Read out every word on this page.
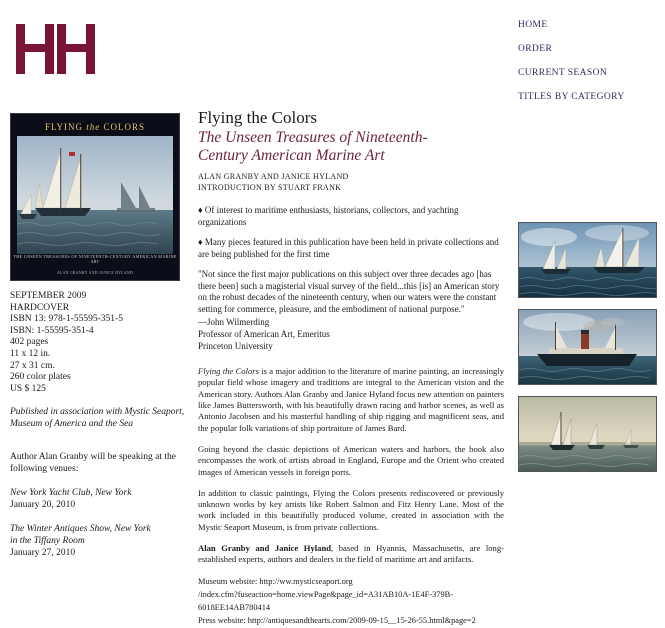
HOME
ORDER
CURRENT SEASON
TITLES BY CATEGORY
FLYING the COLORS
THE UNSEEN TREASURES OF NINETEENTH-CENTURY AMERICAN MARINE ART
ALAN GRANBY AND JANICE HYLAND
SEPTEMBER 2009
HARDCOVER
ISBN 13: 978-1-55595-351-5
ISBN: 1-55595-351-4
402 pages
11 x 12 in.
27 x 31 cm.
260 color plates
US $ 125
Published in association with Mystic Seaport,
Museum of America and the Sea
Author Alan Granby will be speaking at the
following venues:
New York Yacht Club, New York
January 20, 2010
The Winter Antiques Show, New York
in the Tiffany Room
January 27, 2010
Flying the Colors
The Unseen Treasures of Nineteenth-
Century American Marine Art
ALAN GRANBY AND JANICE HYLAND
INTRODUCTION BY STUART FRANK

♦ Of interest to maritime enthusiasts, historians, collectors, and yachting organizations

♦ Many pieces featured in this publication have been held in private collections and are being published for the first time

"Not since the first major publications on this subject over three decades ago [has there been] such a magisterial visual survey of the field...this [is] an American story on the robust decades of the nineteenth century, when our waters were the constant setting for commerce, pleasure, and the embodiment of national purpose."

—John Wilmerding
Professor of American Art, Emeritus
Princeton University

Flying the Colors is a major addition to the literature of marine painting, an increasingly popular field whose imagery and traditions are integral to the American vision and the American story. Authors Alan Granby and Janice Hyland focus new attention on painters like James Buttersworth, with his beautifully drawn racing and harbor scenes, as well as Antonio Jacobsen and his masterful handling of ship rigging and magnificent seas, and the popular folk variations of ship portraiture of James Bard.

Going beyond the classic depictions of American waters and harbors, the book also encompasses the work of artists abroad in England, Europe and the Orient who created images of American vessels in foreign ports.

In addition to classic paintings, Flying the Colors presents rediscovered or previously unknown works by key artists like Robert Salmon and Fitz Henry Lane. Most of the work included in this beautifully produced volume, created in association with the Mystic Seaport Museum, is from private collections.

Alan Granby and Janice Hyland, based in Hyannis, Massachusetts, are long-established experts, authors and dealers in the field of maritime art and artifacts.

Museum website: http://ww.mysticseaport.org

/index.cfm?fuseaction=home.viewPage&page_id=A31AB10A-1E4F-379B-

6018EE14AB780414

Press website: http://antiquesandthearts.com/2009-09-15__15-26-55.html&page=2
